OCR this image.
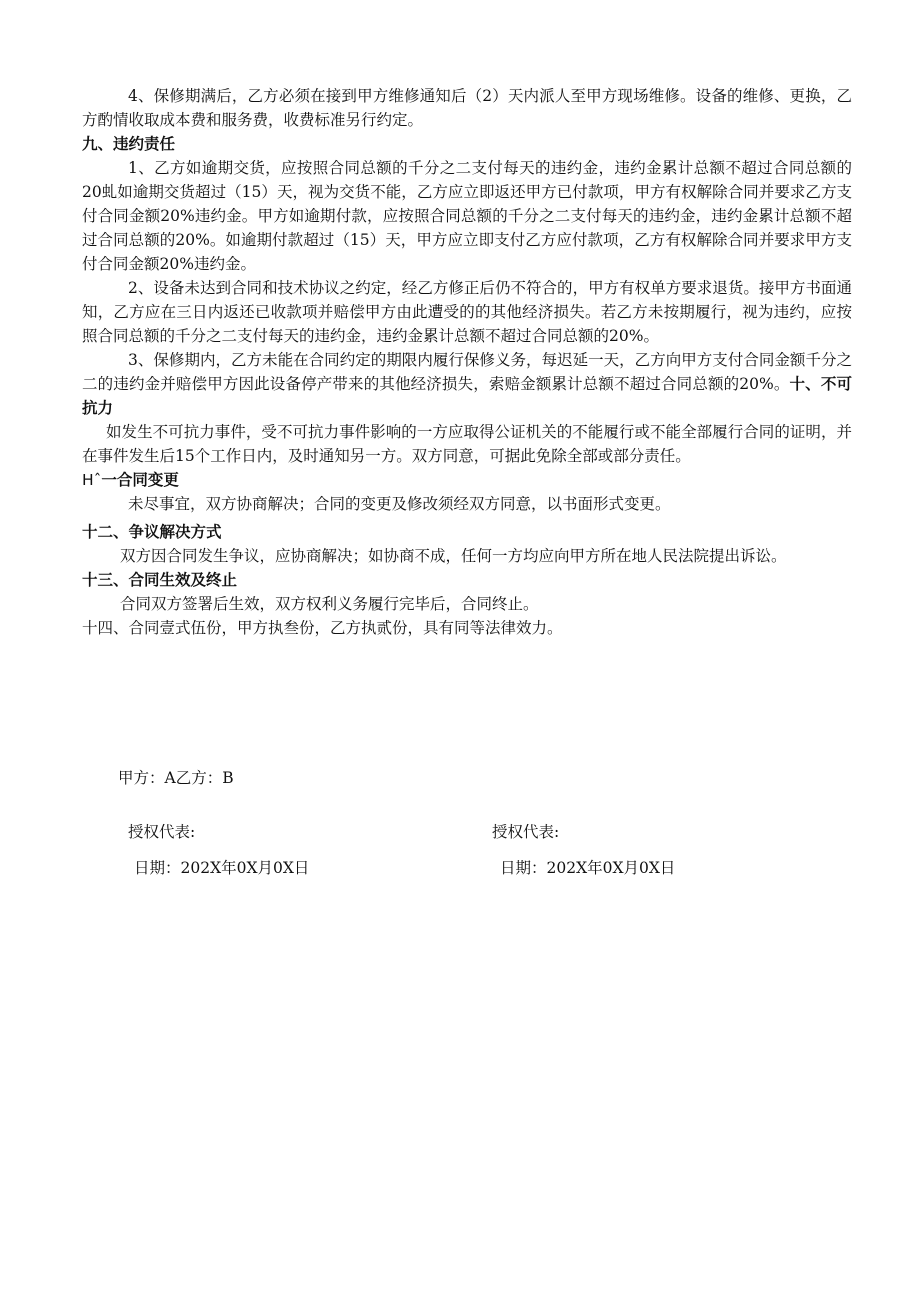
4、保修期满后，乙方必须在接到甲方维修通知后（2）天内派人至甲方现场维修。设备的维修、更换，乙方酌情收取成本费和服务费，收费标准另行约定。

九、违约责任

1、乙方如逾期交货，应按照合同总额的千分之二支付每天的违约金，违约金累计总额不超过合同总额的20虬如逾期交货超过（15）天，视为交货不能，乙方应立即返还甲方已付款项，甲方有权解除合同并要求乙方支付合同金额20%违约金。甲方如逾期付款，应按照合同总额的千分之二支付每天的违约金，违约金累计总额不超过合同总额的20%。如逾期付款超过（15）天，甲方应立即支付乙方应付款项，乙方有权解除合同并要求甲方支付合同金额20%违约金。

2、设备未达到合同和技术协议之约定，经乙方修正后仍不符合的，甲方有权单方要求退货。接甲方书面通知，乙方应在三日内返还已收款项并赔偿甲方由此遭受的的其他经济损失。若乙方未按期履行，视为违约，应按照合同总额的千分之二支付每天的违约金，违约金累计总额不超过合同总额的20%。

3、保修期内，乙方未能在合同约定的期限内履行保修义务，每迟延一天，乙方向甲方支付合同金额千分之二的违约金并赔偿甲方因此设备停产带来的其他经济损失，索赔金额累计总额不超过合同总额的20%。十、不可抗力

如发生不可抗力事件，受不可抗力事件影响的一方应取得公证机关的不能履行或不能全部履行合同的证明，并在事件发生后15个工作日内，及时通知另一方。双方同意，可据此免除全部或部分责任。

Hˆ一合同变更

未尽事宜，双方协商解决；合同的变更及修改须经双方同意，以书面形式变更。

十二、争议解决方式

双方因合同发生争议，应协商解决；如协商不成，任何一方均应向甲方所在地人民法院提出诉讼。

十三、合同生效及终止

合同双方签署后生效，双方权利义务履行完毕后，合同终止。

十四、合同壹式伍份，甲方执叁份，乙方执贰份，具有同等法律效力。

甲方：A乙方：B
授权代表:	授权代表:
日期：202X年0X月0X日	日期：202X年0X月0X日
